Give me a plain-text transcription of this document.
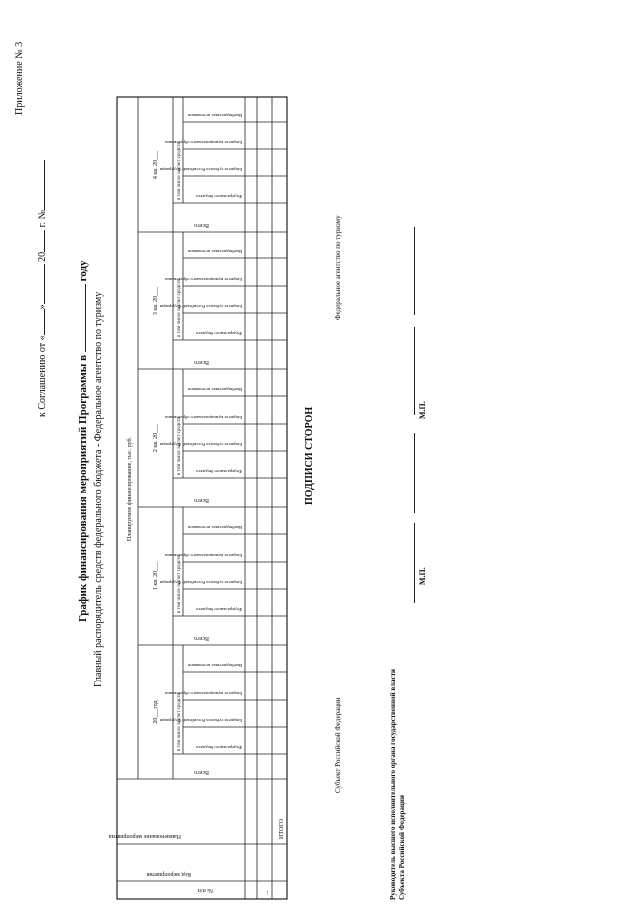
Приложение № 3
к Соглашению от «» 20 г. №
График финансирования мероприятий Программы в  году
Главный распорядитель средств федерального бюджета - Федеральное агентство по туризму
№ п/п
Код мероприятия
Наименование мероприятия
Планируемое финансирование, тыс. руб.
20___год
1 кв. 20___
2 кв. 20___
3 кв. 20___
4 кв. 20___
Всего
Всего
Всего
Всего
Всего
в том числе за счет средств
в том числе за счет средств
в том числе за счет средств
в том числе за счет средств
в том числе за счет средств
Федерального бюджета
Бюджета субъекта Российской Федерации
Бюджета муниципального образования
Внебюджетных источников
Федерального бюджета
Бюджета субъекта Российской Федерации
Бюджета муниципального образования
Внебюджетных источников
Федерального бюджета
Бюджета субъекта Российской Федерации
Бюджета муниципального образования
Внебюджетных источников
Федерального бюджета
Бюджета субъекта Российской Федерации
Бюджета муниципального образования
Внебюджетных источников
Федерального бюджета
Бюджета субъекта Российской Федерации
Бюджета муниципального образования
Внебюджетных источников
...
ИТОГО
ПОДПИСИ СТОРОН
Субъект Российской Федерации
Федеральное агентство по туризму
Руководитель высшего исполнительного органа государственной власти Субъекта Российской Федерации
М.П.
М.П.
